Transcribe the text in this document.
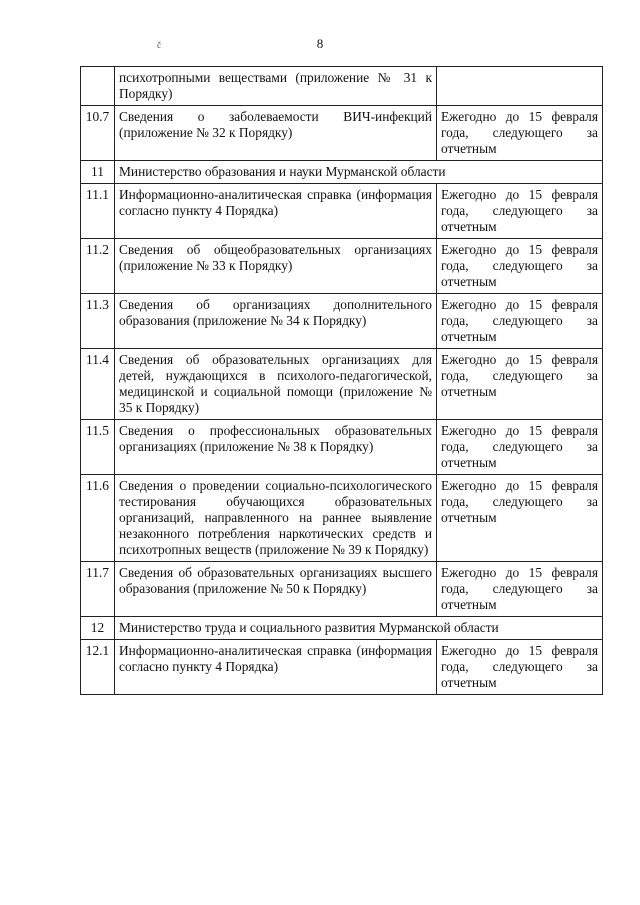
8
č
	психотропными веществами (приложение № 31 к Порядку)	
10.7	Сведения о заболеваемости ВИЧ-инфекций (приложение № 32 к Порядку)	Ежегодно до 15 февраля года, следующего за отчетным
11	Министерство образования и науки Мурманской области	
11.1	Информационно-аналитическая справка (информация согласно пункту 4 Порядка)	Ежегодно до 15 февраля года, следующего за отчетным
11.2	Сведения об общеобразовательных организациях (приложение № 33 к Порядку)	Ежегодно до 15 февраля года, следующего за отчетным
11.3	Сведения об организациях дополнительного образования (приложение № 34 к Порядку)	Ежегодно до 15 февраля года, следующего за отчетным
11.4	Сведения об образовательных организациях для детей, нуждающихся в психолого-педагогической, медицинской и социальной помощи (приложение № 35 к Порядку)	Ежегодно до 15 февраля года, следующего за отчетным
11.5	Сведения о профессиональных образовательных организациях (приложение № 38 к Порядку)	Ежегодно до 15 февраля года, следующего за отчетным
11.6	Сведения о проведении социально-психологического тестирования обучающихся образовательных организаций, направленного на раннее выявление незаконного потребления наркотических средств и психотропных веществ (приложение № 39 к Порядку)	Ежегодно до 15 февраля года, следующего за отчетным
11.7	Сведения об образовательных организациях высшего образования (приложение № 50 к Порядку)	Ежегодно до 15 февраля года, следующего за отчетным
12	Министерство труда и социального развития Мурманской области	
12.1	Информационно-аналитическая справка (информация согласно пункту 4 Порядка)	Ежегодно до 15 февраля года, следующего за отчетным
